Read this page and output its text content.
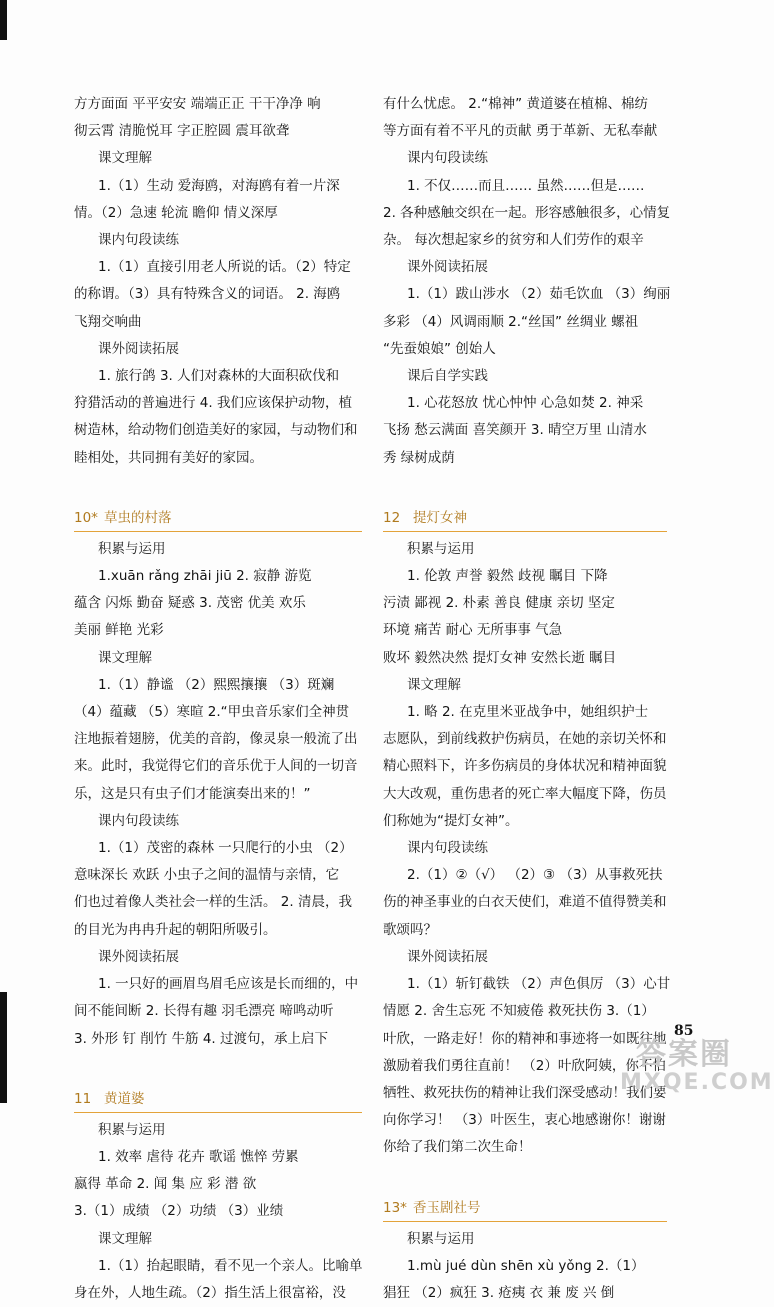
方方面面 平平安安 端端正正 干干净净 响
彻云霄 清脆悦耳 字正腔圆 震耳欲聋
课文理解
1.（1）生动 爱海鸥，对海鸥有着一片深
情。（2）急速 轮流 瞻仰 情义深厚
课内句段读练
1.（1）直接引用老人所说的话。（2）特定
的称谓。（3）具有特殊含义的词语。 2. 海鸥
飞翔交响曲
课外阅读拓展
1. 旅行鸽 3. 人们对森林的大面积砍伐和
狩猎活动的普遍进行 4. 我们应该保护动物，植
树造林，给动物们创造美好的家园，与动物们和
睦相处，共同拥有美好的家园。
10* 草虫的村落
积累与运用
1.xuān rǎng zhāi jiū 2. 寂静 游览
蕴含 闪烁 勤奋 疑惑 3. 茂密 优美 欢乐
美丽 鲜艳 光彩
课文理解
1.（1）静谧 （2）熙熙攘攘 （3）斑斓
（4）蕴藏 （5）寒暄 2.“甲虫音乐家们全神贯
注地振着翅膀，优美的音韵，像灵泉一般流了出
来。此时，我觉得它们的音乐优于人间的一切音
乐，这是只有虫子们才能演奏出来的！”
课内句段读练
1.（1）茂密的森林 一只爬行的小虫 （2）
意味深长 欢跃 小虫子之间的温情与亲情，它
们也过着像人类社会一样的生活。 2. 清晨，我
的目光为冉冉升起的朝阳所吸引。
课外阅读拓展
1. 一只好的画眉鸟眉毛应该是长而细的，中
间不能间断 2. 长得有趣 羽毛漂亮 啼鸣动听
3. 外形 钉 削竹 牛筋 4. 过渡句，承上启下
11 黄道婆
积累与运用
1. 效率 虐待 花卉 歌谣 憔悴 劳累
嬴得 革命 2. 闻 集 应 彩 潜 欲
3.（1）成绩 （2）功绩 （3）业绩
课文理解
1.（1）抬起眼睛，看不见一个亲人。比喻单
身在外，人地生疏。（2）指生活上很富裕，没
有什么忧虑。 2.“棉神” 黄道婆在植棉、棉纺
等方面有着不平凡的贡献 勇于革新、无私奉献
课内句段读练
1. 不仅……而且…… 虽然……但是……
2. 各种感触交织在一起。形容感触很多，心情复
杂。 每次想起家乡的贫穷和人们劳作的艰辛
课外阅读拓展
1.（1）跋山涉水 （2）茹毛饮血 （3）绚丽
多彩 （4）风调雨顺 2.“丝国” 丝绸业 螺祖
“先蚕娘娘” 创始人
课后自学实践
1. 心花怒放 忧心忡忡 心急如焚 2. 神采
飞扬 愁云满面 喜笑颜开 3. 晴空万里 山清水
秀 绿树成荫
12 提灯女神
积累与运用
1. 伦敦 声誉 毅然 歧视 瞩目 下降
污渍 鄙视 2. 朴素 善良 健康 亲切 坚定
环境 痛苦 耐心 无所事事 气急
败坏 毅然决然 提灯女神 安然长逝 瞩目
课文理解
1. 略 2. 在克里米亚战争中，她组织护士
志愿队，到前线救护伤病员，在她的亲切关怀和
精心照料下，许多伤病员的身体状况和精神面貌
大大改观，重伤患者的死亡率大幅度下降，伤员
们称她为“提灯女神”。
课内句段读练
2.（1）②（√） （2）③ （3）从事救死扶
伤的神圣事业的白衣天使们，难道不值得赞美和
歌颂吗？
课外阅读拓展
1.（1）斩钉截铁 （2）声色俱厉 （3）心甘
情愿 2. 舍生忘死 不知疲倦 救死扶伤 3.（1）
叶欣，一路走好！你的精神和事迹将一如既往地
激励着我们勇往直前！ （2）叶欣阿姨，你不怕
牺牲、救死扶伤的精神让我们深受感动！我们要
向你学习！ （3）叶医生，衷心地感谢你！谢谢
你给了我们第二次生命！
13* 香玉剧社号
积累与运用
1.mù jué dùn shēn xù yǒng 2.（1）
猖狂 （2）疯狂 3. 疮痍 衣 兼 废 兴 倒
85
答案圈
MXQE.COM
